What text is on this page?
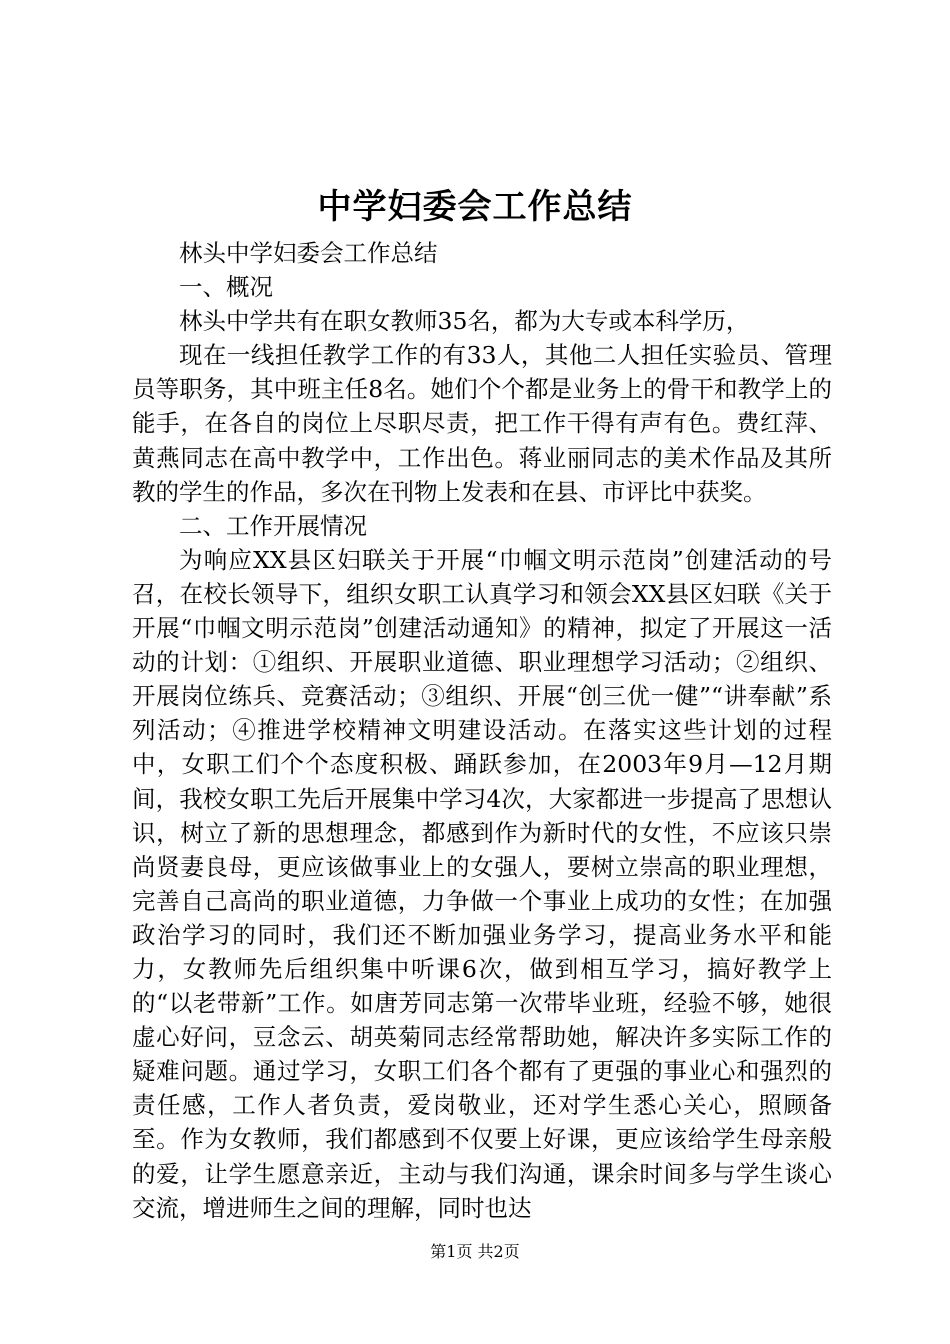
中学妇委会工作总结

林头中学妇委会工作总结

一、概况

林头中学共有在职女教师35名，都为大专或本科学历，

现在一线担任教学工作的有33人，其他二人担任实验员、管理员等职务，其中班主任8名。她们个个都是业务上的骨干和教学上的能手，在各自的岗位上尽职尽责，把工作干得有声有色。费红萍、黄燕同志在高中教学中，工作出色。蒋业丽同志的美术作品及其所教的学生的作品，多次在刊物上发表和在县、市评比中获奖。

二、工作开展情况

为响应XX县区妇联关于开展“巾帼文明示范岗”创建活动的号召，在校长领导下，组织女职工认真学习和领会XX县区妇联《关于开展“巾帼文明示范岗”创建活动通知》的精神，拟定了开展这一活动的计划：①组织、开展职业道德、职业理想学习活动；②组织、开展岗位练兵、竞赛活动；③组织、开展“创三优一健”“讲奉献”系列活动；④推进学校精神文明建设活动。在落实这些计划的过程中，女职工们个个态度积极、踊跃参加，在2003年9月—12月期间，我校女职工先后开展集中学习4次，大家都进一步提高了思想认识，树立了新的思想理念，都感到作为新时代的女性，不应该只崇尚贤妻良母，更应该做事业上的女强人，要树立崇高的职业理想，完善自己高尚的职业道德，力争做一个事业上成功的女性；在加强政治学习的同时，我们还不断加强业务学习，提高业务水平和能力，女教师先后组织集中听课6次，做到相互学习，搞好教学上的“以老带新”工作。如唐芳同志第一次带毕业班，经验不够，她很虚心好问，豆念云、胡英菊同志经常帮助她，解决许多实际工作的疑难问题。通过学习，女职工们各个都有了更强的事业心和强烈的责任感，工作人者负责，爱岗敬业，还对学生悉心关心，照顾备至。作为女教师，我们都感到不仅要上好课，更应该给学生母亲般的爱，让学生愿意亲近，主动与我们沟通，课余时间多与学生谈心交流，增进师生之间的理解，同时也达

第1页 共2页
